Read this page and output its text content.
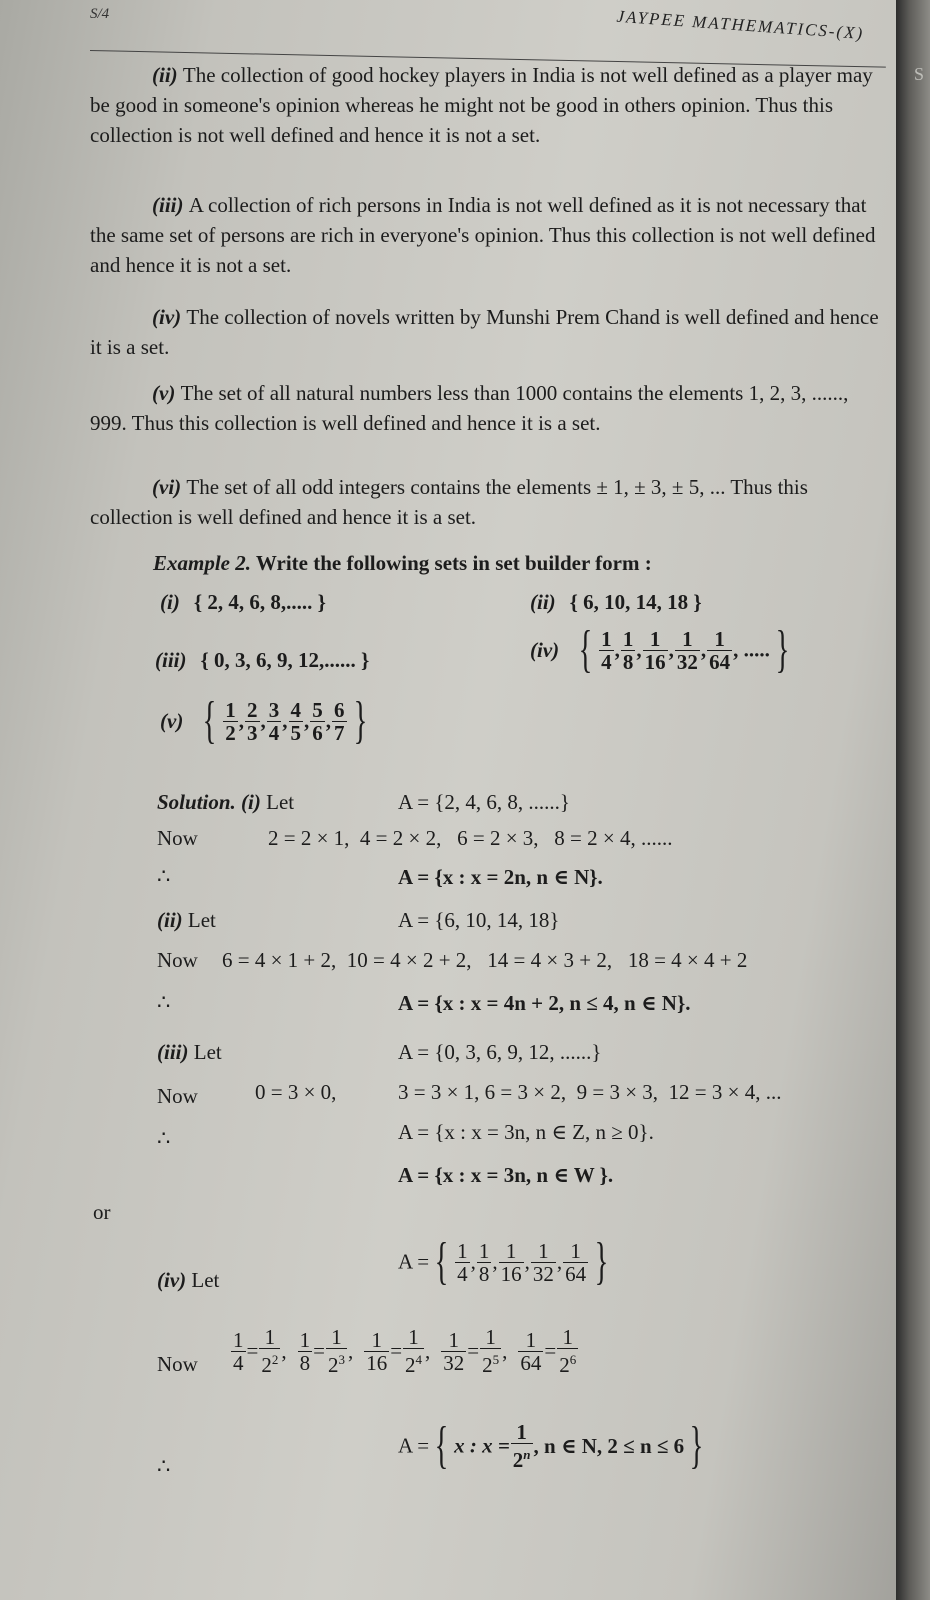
S
S/4	JAYPEE MATHEMATICS-(X)

(ii) The collection of good hockey players in India is not well defined as a player may be good in someone's opinion whereas he might not be good in others opinion. Thus this collection is not well defined and hence it is not a set.

(iii) A collection of rich persons in India is not well defined as it is not necessary that the same set of persons are rich in everyone's opinion. Thus this collection is not well defined and hence it is not a set.

(iv) The collection of novels written by Munshi Prem Chand is well defined and hence it is a set.

(v) The set of all natural numbers less than 1000 contains the elements 1, 2, 3, ......, 999. Thus this collection is well defined and hence it is a set.

(vi) The set of all odd integers contains the elements ± 1, ± 3, ± 5, ... Thus this collection is well defined and hence it is a set.

Example 2. Write the following sets in set builder form :
(i) { 2, 4, 6, 8,..... }	(ii) { 6, 10, 14, 18 }
(iii) { 0, 3, 6, 9, 12,...... }	(iv) { $\frac{1}{4}$ , $\frac{1}{8}$ , $\frac{1}{16}$ , $\frac{1}{32}$ , $\frac{1}{64}$ , ..... }
(v) { $\frac{1}{2}$ , $\frac{2}{3}$ , $\frac{3}{4}$ , $\frac{4}{5}$ , $\frac{5}{6}$ , $\frac{6}{7}$ }
Solution. (i) Let	A = {2, 4, 6, 8, ......}
Now	2 = 2 × 1,  4 = 2 × 2,   6 = 2 × 3,   8 = 2 × 4, ......
∴	A = {x : x = 2n, n ∈ N}.
(ii) Let	A = {6, 10, 14, 18}
Now 6 = 4 × 1 + 2,  10 = 4 × 2 + 2,   14 = 4 × 3 + 2,   18 = 4 × 4 + 2
∴	A = {x : x = 4n + 2, n ≤ 4, n ∈ N}.
(iii) Let	A = {0, 3, 6, 9, 12, ......}
Now	0 = 3 × 0,	3 = 3 × 1, 6 = 3 × 2,  9 = 3 × 3,  12 = 3 × 4, ...
∴	A = {x : x = 3n, n ∈ Z, n ≥ 0}.
or
A = {x : x = 3n, n ∈ W }.
(iv) Let
A = { $\frac{1}{4}$ , $\frac{1}{8}$ , $\frac{1}{16}$ , $\frac{1}{32}$ , $\frac{1}{64}$ }
Now $\frac{1}{4} = \frac{1}{2^2}$ , $\frac{1}{8} = \frac{1}{2^3}$ , $\frac{1}{16} = \frac{1}{2^4}$ , $\frac{1}{32} = \frac{1}{2^5}$ , $\frac{1}{64} = \frac{1}{2^6}$
∴
A = { x : $x = \frac{1}{2^n}$ , n ∈ N, 2 ≤ n ≤ 6 }
